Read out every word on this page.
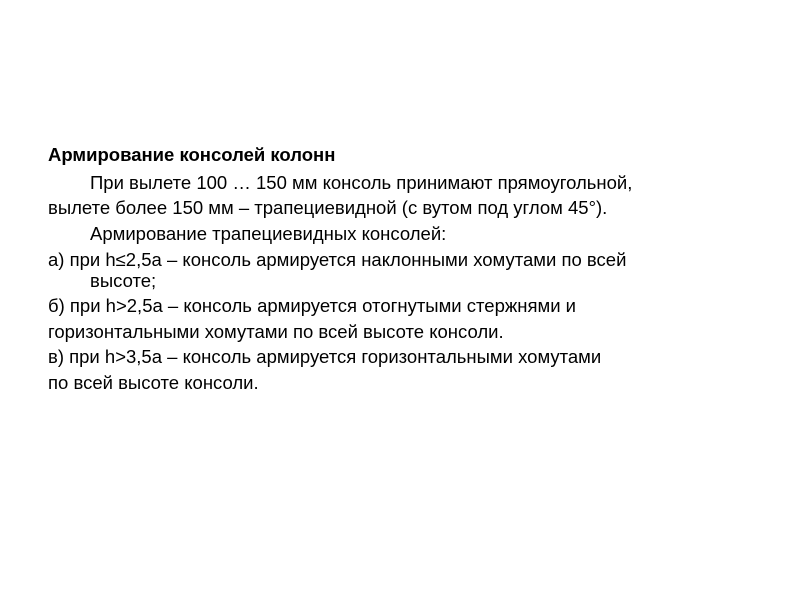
Армирование консолей колонн
При вылете 100 … 150 мм консоль принимают прямоугольной,
вылете более 150 мм – трапециевидной (с вутом под углом 45°).
Армирование трапециевидных консолей:
а) при h≤2,5a – консоль армируется наклонными хомутами по всей
высоте;
б) при h>2,5a – консоль армируется отогнутыми стержнями и
горизонтальными хомутами по всей высоте консоли.
в) при h>3,5a – консоль армируется горизонтальными хомутами
по всей высоте консоли.
